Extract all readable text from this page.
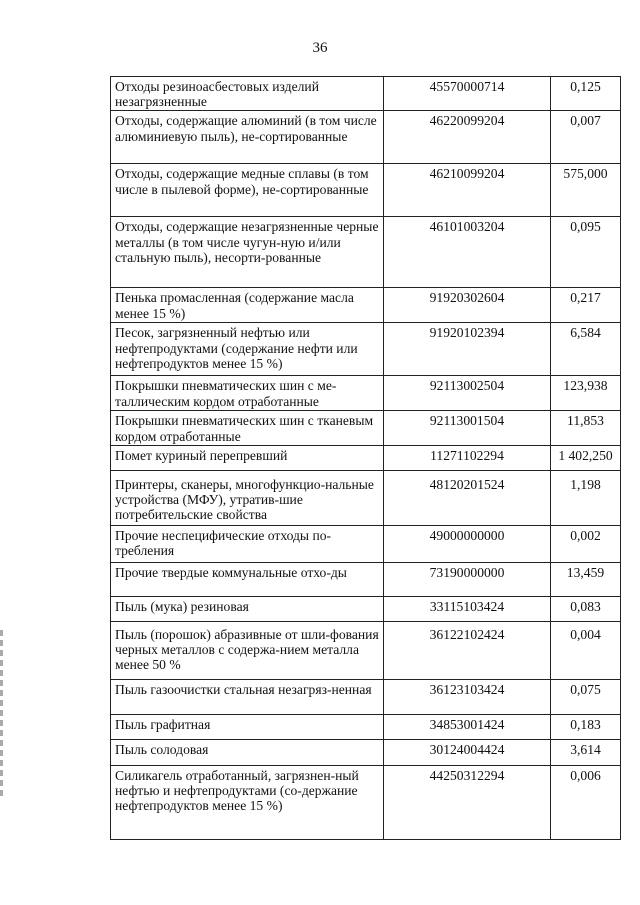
36
Отходы резиноасбестовых изделий незагрязненные	45570000714	0,125
Отходы, содержащие алюминий (в том числе алюминиевую пыль), не-сортированные	46220099204	0,007
Отходы, содержащие медные сплавы (в том числе в пылевой форме), не-сортированные	46210099204	575,000
Отходы, содержащие незагрязненные черные металлы (в том числе чугун-ную и/или стальную пыль), несорти-рованные	46101003204	0,095
Пенька промасленная (содержание масла менее 15 %)	91920302604	0,217
Песок, загрязненный нефтью или нефтепродуктами (содержание нефти или нефтепродуктов менее 15 %)	91920102394	6,584
Покрышки пневматических шин с ме-таллическим кордом отработанные	92113002504	123,938
Покрышки пневматических шин с тканевым кордом отработанные	92113001504	11,853
Помет куриный перепревший	11271102294	1 402,250
Принтеры, сканеры, многофункцио-нальные устройства (МФУ), утратив-шие потребительские свойства	48120201524	1,198
Прочие неспецифические отходы по-требления	49000000000	0,002
Прочие твердые коммунальные отхо-ды	73190000000	13,459
Пыль (мука) резиновая	33115103424	0,083
Пыль (порошок) абразивные от шли-фования черных металлов с содержа-нием металла менее 50 %	36122102424	0,004
Пыль газоочистки стальная незагряз-ненная	36123103424	0,075
Пыль графитная	34853001424	0,183
Пыль солодовая	30124004424	3,614
Силикагель отработанный, загрязнен-ный нефтью и нефтепродуктами (со-держание нефтепродуктов менее 15 %)	44250312294	0,006
